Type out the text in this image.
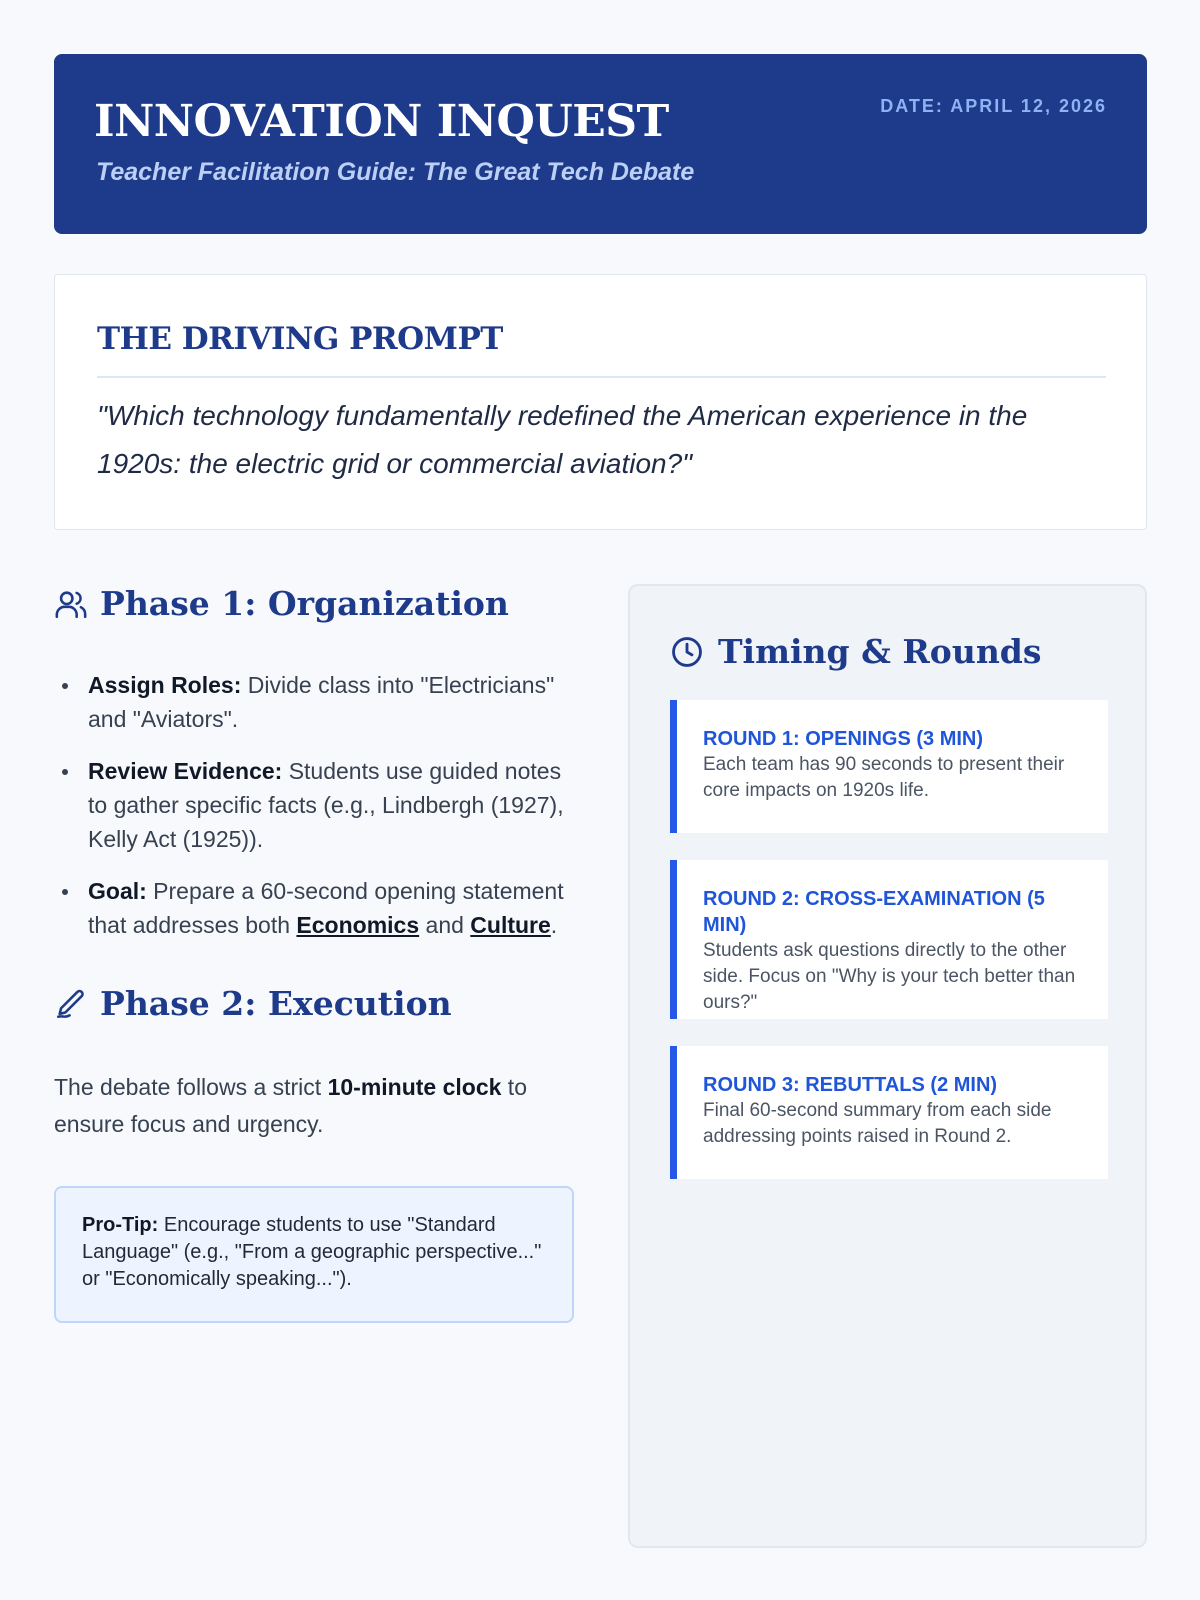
INNOVATION INQUEST
Teacher Facilitation Guide: The Great Tech Debate
DATE: APRIL 12, 2026
THE DRIVING PROMPT
"Which technology fundamentally redefined the American experience in the 1920s: the electric grid or commercial aviation?"
Phase 1: Organization
Assign Roles: Divide class into "Electricians" and "Aviators".
Review Evidence: Students use guided notes to gather specific facts (e.g., Lindbergh (1927), Kelly Act (1925)).
Goal: Prepare a 60-second opening statement that addresses both Economics and Culture.
Phase 2: Execution
The debate follows a strict 10-minute clock to ensure focus and urgency.
Pro-Tip: Encourage students to use "Standard Language" (e.g., "From a geographic perspective..." or "Economically speaking...").
Timing & Rounds
ROUND 1: OPENINGS (3 MIN)
Each team has 90 seconds to present their core impacts on 1920s life.
ROUND 2: CROSS-EXAMINATION (5 MIN)
Students ask questions directly to the other side. Focus on "Why is your tech better than ours?"
ROUND 3: REBUTTALS (2 MIN)
Final 60-second summary from each side addressing points raised in Round 2.
